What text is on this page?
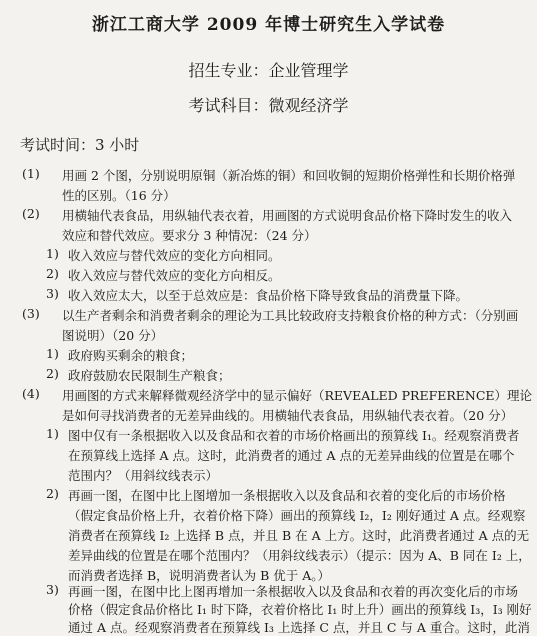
浙江工商大学 2009 年博士研究生入学试卷
招生专业：企业管理学
考试科目：微观经济学
考试时间：3 小时
(1) 用画 2 个图，分别说明原铜（新冶炼的铜）和回收铜的短期价格弹性和长期价格弹
性的区别。（16 分）
(2) 用横轴代表食品，用纵轴代表衣着，用画图的方式说明食品价格下降时发生的收入
效应和替代效应。要求分 3 种情况：（24 分）
1) 收入效应与替代效应的变化方向相同。
2) 收入效应与替代效应的变化方向相反。
3) 收入效应太大，以至于总效应是：食品价格下降导致食品的消费量下降。
(3) 以生产者剩余和消费者剩余的理论为工具比较政府支持粮食价格的种方式：（分别画
图说明）（20 分）
1) 政府购买剩余的粮食；
2) 政府鼓励农民限制生产粮食；
(4) 用画图的方式来解释微观经济学中的显示偏好（REVEALED PREFERENCE）理论
是如何寻找消费者的无差异曲线的。用横轴代表食品，用纵轴代表衣着。（20 分）
1) 图中仅有一条根据收入以及食品和衣着的市场价格画出的预算线 I₁。经观察消费者
在预算线上选择 A 点。这时，此消费者的通过 A 点的无差异曲线的位置是在哪个
范围内？（用斜纹线表示）
2) 再画一图，在图中比上图增加一条根据收入以及食品和衣着的变化后的市场价格
（假定食品价格上升，衣着价格下降）画出的预算线 I₂，I₂ 刚好通过 A 点。经观察
消费者在预算线 I₂ 上选择 B 点，并且 B 在 A 上方。这时，此消费者通过 A 点的无
差异曲线的位置是在哪个范围内？（用斜纹线表示）（提示：因为 A、B 同在 I₂ 上，
而消费者选择 B，说明消费者认为 B 优于 A。）
3) 再画一图，在图中比上图再增加一条根据收入以及食品和衣着的再次变化后的市场
价格（假定食品价格比 I₁ 时下降，衣着价格比 I₁ 时上升）画出的预算线 I₃，I₃ 刚好
通过 A 点。经观察消费者在预算线 I₃ 上选择 C 点，并且 C 与 A 重合。这时，此消
